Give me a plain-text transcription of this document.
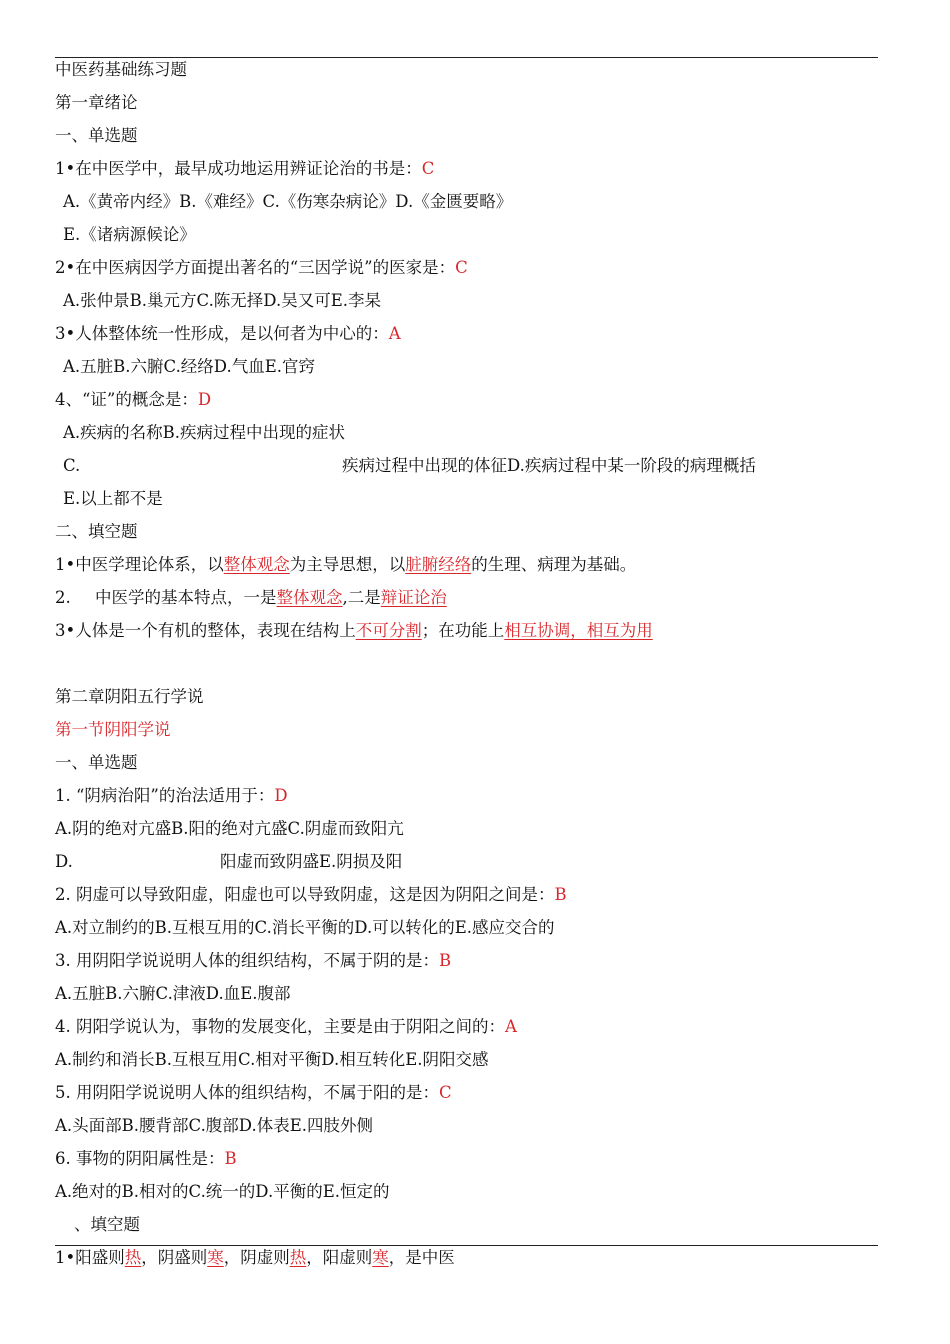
中医药基础练习题
第一章绪论
一、单选题
1•在中医学中，最早成功地运用辨证论治的书是：C
A.《黄帝内经》B.《难经》C.《伤寒杂病论》D.《金匮要略》
E.《诸病源候论》
2•在中医病因学方面提出著名的“三因学说”的医家是：C
A.张仲景B.巢元方C.陈无择D.吴又可E.李杲
3•人体整体统一性形成，是以何者为中心的：A
A.五脏B.六腑C.经络D.气血E.官窍
4、“证”的概念是：D
A.疾病的名称B.疾病过程中出现的症状
C.	疾病过程中出现的体征D.疾病过程中某一阶段的病理概括
E.以上都不是
二、填空题
1•中医学理论体系，以整体观念为主导思想，以脏腑经络的生理、病理为基础。
2. 中医学的基本特点，一是整体观念,二是辩证论治
3•人体是一个有机的整体，表现在结构上不可分割；在功能上相互协调，相互为用
第二章阴阳五行学说
第一节阴阳学说
一、单选题
1. “阴病治阳”的治法适用于：D
A.阴的绝对亢盛B.阳的绝对亢盛C.阴虚而致阳亢
D.	阳虚而致阴盛E.阴损及阳
2. 阴虚可以导致阳虚，阳虚也可以导致阴虚，这是因为阴阳之间是：B
A.对立制约的B.互根互用的C.消长平衡的D.可以转化的E.感应交合的
3. 用阴阳学说说明人体的组织结构，不属于阴的是：B
A.五脏B.六腑C.津液D.血E.腹部
4. 阴阳学说认为，事物的发展变化，主要是由于阴阳之间的：A
A.制约和消长B.互根互用C.相对平衡D.相互转化E.阴阳交感
5. 用阴阳学说说明人体的组织结构，不属于阳的是：C
A.头面部B.腰背部C.腹部D.体表E.四肢外侧
6. 事物的阴阳属性是：B
A.绝对的B.相对的C.统一的D.平衡的E.恒定的
、填空题
1•阳盛则热，阴盛则寒，阴虚则热，阳虚则寒，是中医
